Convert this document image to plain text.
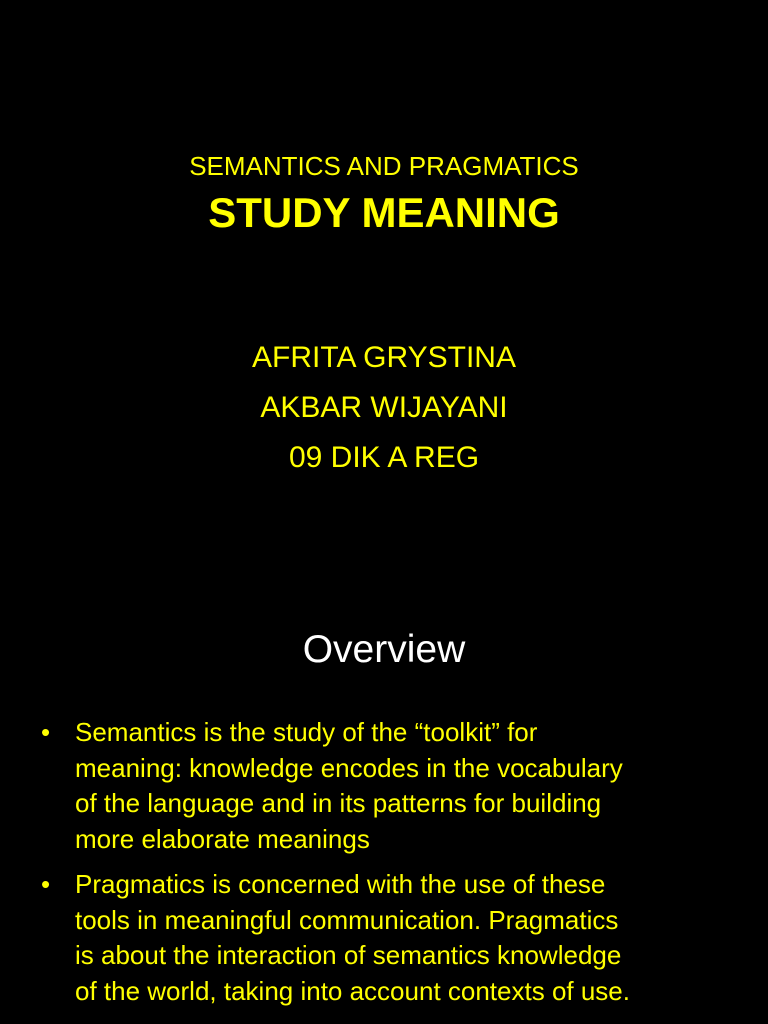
SEMANTICS AND PRAGMATICS
STUDY MEANING
AFRITA GRYSTINA
AKBAR WIJAYANI
09 DIK A REG
Overview
• Semantics is the study of the “toolkit” for
meaning: knowledge encodes in the vocabulary
of the language and in its patterns for building
more elaborate meanings
• Pragmatics is concerned with the use of these
tools in meaningful communication. Pragmatics
is about the interaction of semantics knowledge
of the world, taking into account contexts of use.
